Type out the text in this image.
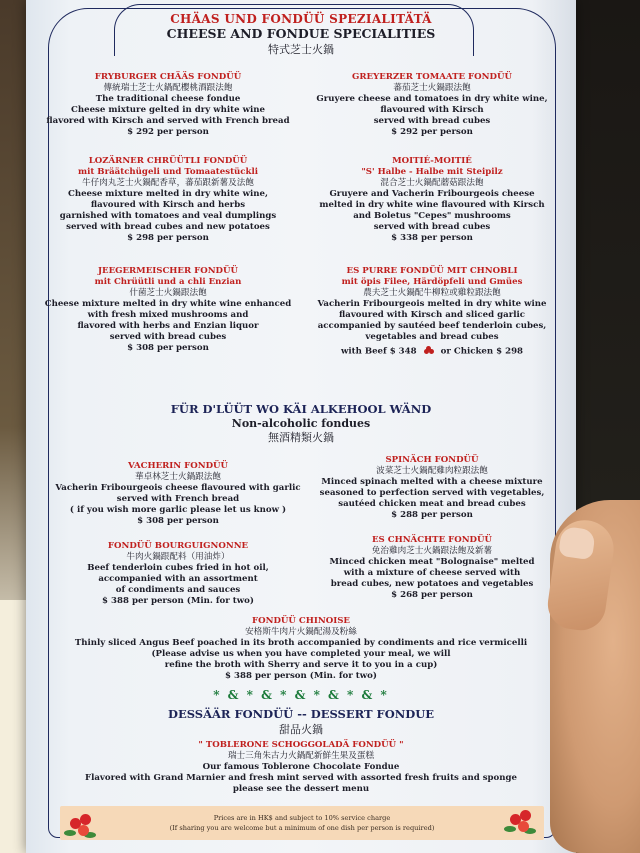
CHÄAS UND FONDÜÜ SPEZIALITÄTÄ
CHEESE AND FONDUE SPECIALITIES
特式芝士火鍋
FRYBURGER CHÄÄS FONDÜÜ
傳統瑞士芝士火鍋配櫻桃酒跟法飽
The traditional cheese fondue
Cheese mixture gelted in dry white wine
flavored with Kirsch and served with French bread
$ 292 per person
GREYERZER TOMAATE FONDÜÜ
蕃茄芝士火鍋跟法飽
Gruyere cheese and tomatoes in dry white wine,
flavoured with Kirsch
served with bread cubes
$ 292 per person
LOZÄRNER CHRÜÜTLI FONDÜÜ
mit Bräätchügeli und Tomaatestückli
牛仔肉丸芝士火鍋配香草，蕃茄跟新薯及法飽
Cheese mixture melted in dry white wine,
flavoured with Kirsch and herbs
garnished with tomatoes and veal dumplings
served with bread cubes and new potatoes
$ 298 per person
MOITIÉ-MOITIÉ
"S' Halbe - Halbe mit Steipilz
混合芝士火鍋配蘑菇跟法飽
Gruyere and Vacherin Fribourgeois cheese
melted in dry white wine flavoured with Kirsch
and Boletus "Cepes" mushrooms
served with bread cubes
$ 338 per person
JEEGERMEISCHER FONDÜÜ
mit Chrüütli und a chli Enzian
什菌芝士火鍋跟法飽
Cheese mixture melted in dry white wine enhanced
with fresh mixed mushrooms and
flavored with herbs and Enzian liquor
served with bread cubes
$ 308 per person
ES PURRE FONDÜÜ MIT CHNOBLI
mit öpis Filee, Härdöpfeli und Gmües
農夫芝士火鍋配牛柳粒或雞粒跟法飽
Vacherin Fribourgeois melted in dry white wine
flavoured with Kirsch and sliced garlic
accompanied by sautéed beef tenderloin cubes,
vegetables and bread cubes
with Beef $ 348	or Chicken $ 298
FÜR D'LÜÜT WO KÄI ALKEHOOL WÄND
Non-alcoholic fondues
無酒精類火鍋
VACHERIN FONDÜÜ
華卓林芝士火鍋跟法飽
Vacherin Fribourgeois cheese flavoured with garlic
served with French bread
( if you wish more garlic please let us know )
$ 308 per person
SPINÄCH FONDÜÜ
波菜芝士火鍋配雞肉粒跟法飽
Minced spinach melted with a cheese mixture
seasoned to perfection served with vegetables,
sautéed chicken meat and bread cubes
$ 288 per person
FONDÜÜ BOURGUIGNONNE
牛肉火鍋跟配料（用油炸）
Beef tenderloin cubes fried in hot oil,
accompanied with an assortment
of condiments and sauces
$ 388 per person (Min. for two)
ES CHNÄCHTE FONDÜÜ
免治雞肉芝士火鍋跟法飽及新薯
Minced chicken meat "Bolognaise" melted
with a mixture of cheese served with
bread cubes, new potatoes and vegetables
$ 268 per person
FONDÜÜ CHINOISE
安格斯牛肉片火鍋配湯及粉絲
Thinly sliced Angus Beef poached in its broth accompanied by condiments and rice vermicelli
(Please advise us when you have completed your meal, we will
refine the broth with Sherry and serve it to you in a cup)
$ 388 per person (Min. for two)
* & * & * & * & * & *
DESSÄÄR FONDÜÜ -- DESSERT FONDUE
甜品火鍋
" TOBLERONE SCHOGGOLADÄ FONDÜÜ "
瑞士三角朱古力火鍋配新鮮生果及蛋糕
Our famous Toblerone Chocolate Fondue
Flavored with Grand Marnier and fresh mint served with assorted fresh fruits and sponge
please see the dessert menu
Prices are in HK$ and subject to 10% service charge
(If sharing you are welcome but a minimum of one dish per person is required)
